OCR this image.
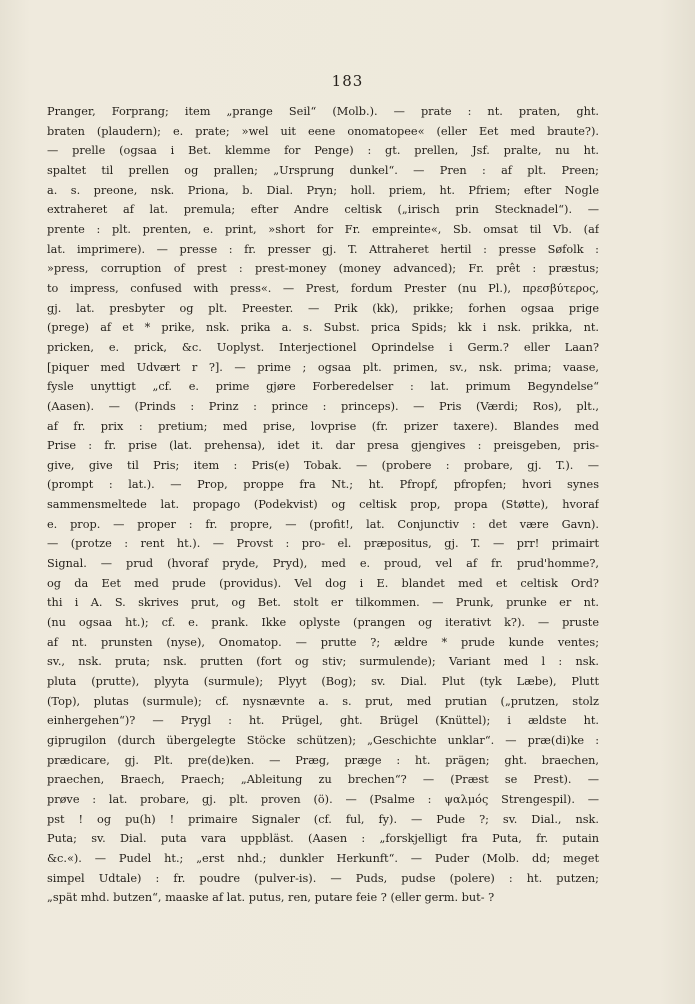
183
Pranger, Forprang; item „prange Seil“ (Molb.). — prate : nt. praten, ght.
braten (plaudern); e. prate; »wel uit eene onomatopee« (eller Eet med braute?).
— prelle (ogsaa i Bet. klemme for Penge) : gt. prellen, Jsf. pralte, nu ht.
spaltet til prellen og prallen; „Ursprung dunkel“. — Pren : af plt. Preen;
a. s. preone, nsk. Priona, b. Dial. Pryn; holl. priem, ht. Pfriem; efter Nogle
extraheret af lat. premula; efter Andre celtisk („irisch prin Stecknadel“). —
prente : plt. prenten, e. print, »short for Fr. empreinte«, Sb. omsat til Vb. (af
lat. imprimere). — presse : fr. presser gj. T. Attraheret hertil : presse Søfolk :
»press, corruption of prest : prest-money (money advanced); Fr. prêt : præstus;
to impress, confused with press«. — Prest, fordum Prester (nu Pl.), πρεσβύτερος,
gj. lat. presbyter og plt. Preester. — Prik (kk), prikke; forhen ogsaa prige
(prege) af et * prike, nsk. prika a. s. Subst. prica Spids; kk i nsk. prikka, nt.
pricken, e. prick, &c. Uoplyst. Interjectionel Oprindelse i Germ.? eller Laan?
[piquer med Udvært r ?]. — prime ; ogsaa plt. primen, sv., nsk. prima; vaase,
fysle unyttigt „cf. e. prime gjøre Forberedelser : lat. primum Begyndelse“
(Aasen). — (Prinds : Prinz : prince : princeps). — Pris (Værdi; Ros), plt.,
af fr. prix : pretium; med prise, lovprise (fr. prizer taxere). Blandes med
Prise : fr. prise (lat. prehensa), idet it. dar presa gjengives : preisgeben, pris-
give, give til Pris; item : Pris(e) Tobak. — (probere : probare, gj. T.). —
(prompt : lat.). — Prop, proppe fra Nt.; ht. Pfropf, pfropfen; hvori synes
sammensmeltede lat. propago (Podekvist) og celtisk prop, propa (Støtte), hvoraf
e. prop. — proper : fr. propre, — (profit!, lat. Conjunctiv : det være Gavn).
— (protze : rent ht.). — Provst : pro- el. præpositus, gj. T. — prr! primairt
Signal. — prud (hvoraf pryde, Pryd), med e. proud, vel af fr. prud'homme?,
og da Eet med prude (providus). Vel dog i E. blandet med et celtisk Ord?
thi i A. S. skrives prut, og Bet. stolt er tilkommen. — Prunk, prunke er nt.
(nu ogsaa ht.); cf. e. prank. Ikke oplyste (prangen og iterativt k?). — pruste
af nt. prunsten (nyse), Onomatop. — prutte ?; ældre * prude kunde ventes;
sv., nsk. pruta; nsk. prutten (fort og stiv; surmulende); Variant med l : nsk.
pluta (prutte), plyyta (surmule); Plyyt (Bog); sv. Dial. Plut (tyk Læbe), Plutt
(Top), plutas (surmule); cf. nysnævnte a. s. prut, med prutian („prutzen, stolz
einhergehen“)? — Prygl : ht. Prügel, ght. Brügel (Knüttel); i ældste ht.
giprugilon (durch übergelegte Stöcke schützen); „Geschichte unklar“. — præ(di)ke :
prædicare, gj. Plt. pre(de)ken. — Præg, præge : ht. prägen; ght. braechen,
praechen, Braech, Praech; „Ableitung zu brechen“? — (Præst se Prest). —
prøve : lat. probare, gj. plt. proven (ö). — (Psalme : ψαλμός Strengespil). —
pst ! og pu(h) ! primaire Signaler (cf. ful, fy). — Pude ?; sv. Dial., nsk.
Puta; sv. Dial. puta vara uppbläst. (Aasen : „forskjelligt fra Puta, fr. putain
&c.«). — Pudel ht.; „erst nhd.; dunkler Herkunft“. — Puder (Molb. dd; meget
simpel Udtale) : fr. poudre (pulver-is). — Puds, pudse (polere) : ht. putzen;
„spät mhd. butzen“, maaske af lat. putus, ren, putare feie ? (eller germ. but- ?
